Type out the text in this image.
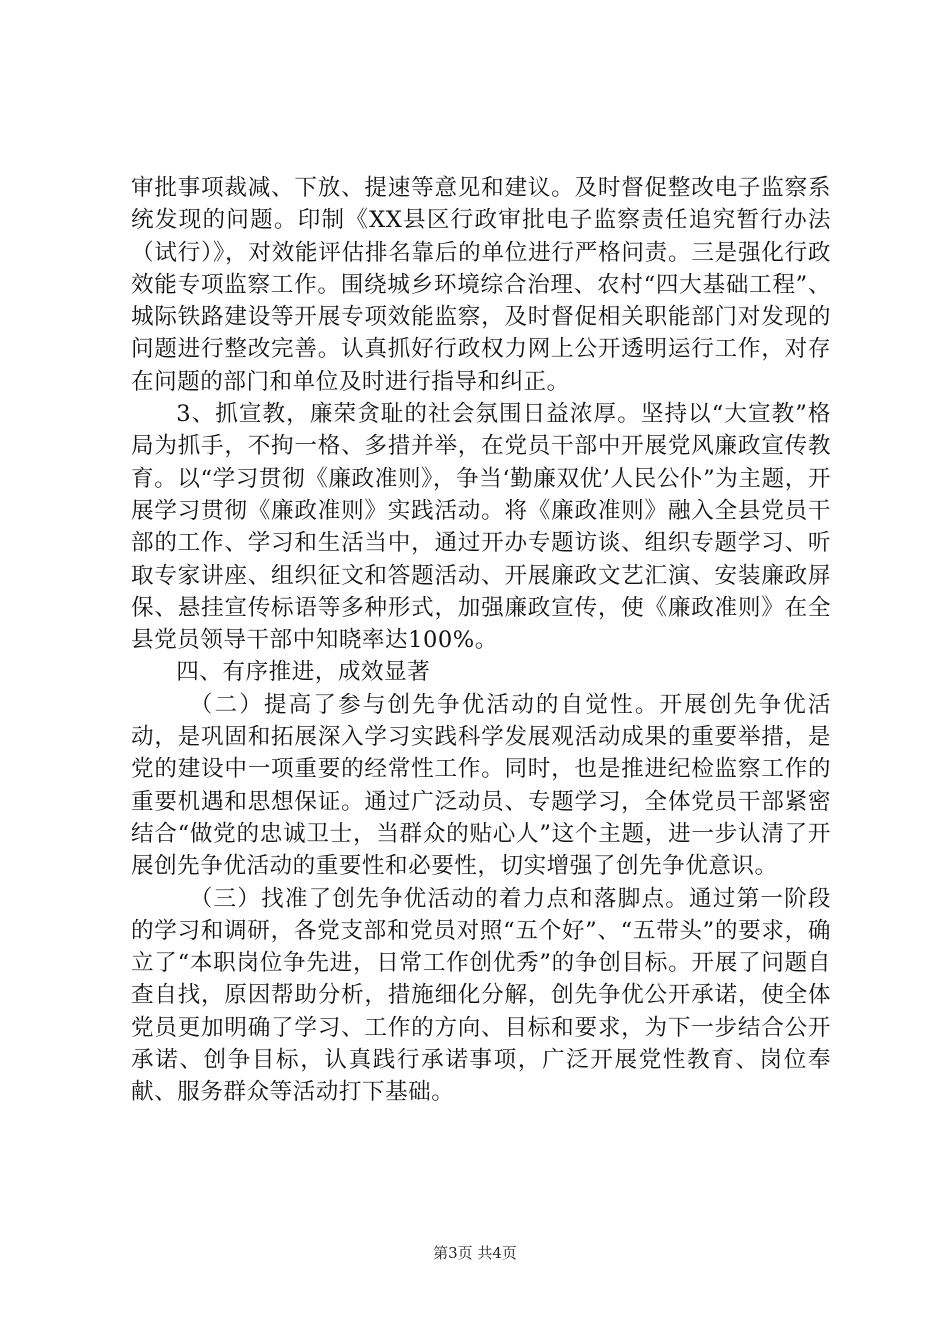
审批事项裁减、下放、提速等意见和建议。及时督促整改电子监察系统发现的问题。印制《XX县区行政审批电子监察责任追究暂行办法（试行）》，对效能评估排名靠后的单位进行严格问责。三是强化行政效能专项监察工作。围绕城乡环境综合治理、农村“四大基础工程”、城际铁路建设等开展专项效能监察，及时督促相关职能部门对发现的问题进行整改完善。认真抓好行政权力网上公开透明运行工作，对存在问题的部门和单位及时进行指导和纠正。

3、抓宣教，廉荣贪耻的社会氛围日益浓厚。坚持以“大宣教”格局为抓手，不拘一格、多措并举，在党员干部中开展党风廉政宣传教育。以“学习贯彻《廉政准则》，争当‘勤廉双优’人民公仆”为主题，开展学习贯彻《廉政准则》实践活动。将《廉政准则》融入全县党员干部的工作、学习和生活当中，通过开办专题访谈、组织专题学习、听取专家讲座、组织征文和答题活动、开展廉政文艺汇演、安装廉政屏保、悬挂宣传标语等多种形式，加强廉政宣传，使《廉政准则》在全县党员领导干部中知晓率达100%。

四、有序推进，成效显著

（二）提高了参与创先争优活动的自觉性。开展创先争优活动，是巩固和拓展深入学习实践科学发展观活动成果的重要举措，是党的建设中一项重要的经常性工作。同时，也是推进纪检监察工作的重要机遇和思想保证。通过广泛动员、专题学习，全体党员干部紧密结合“做党的忠诚卫士，当群众的贴心人”这个主题，进一步认清了开展创先争优活动的重要性和必要性，切实增强了创先争优意识。

（三）找准了创先争优活动的着力点和落脚点。通过第一阶段的学习和调研，各党支部和党员对照“五个好”、“五带头”的要求，确立了“本职岗位争先进，日常工作创优秀”的争创目标。开展了问题自查自找，原因帮助分析，措施细化分解，创先争优公开承诺，使全体党员更加明确了学习、工作的方向、目标和要求，为下一步结合公开承诺、创争目标，认真践行承诺事项，广泛开展党性教育、岗位奉献、服务群众等活动打下基础。

第3页 共4页
